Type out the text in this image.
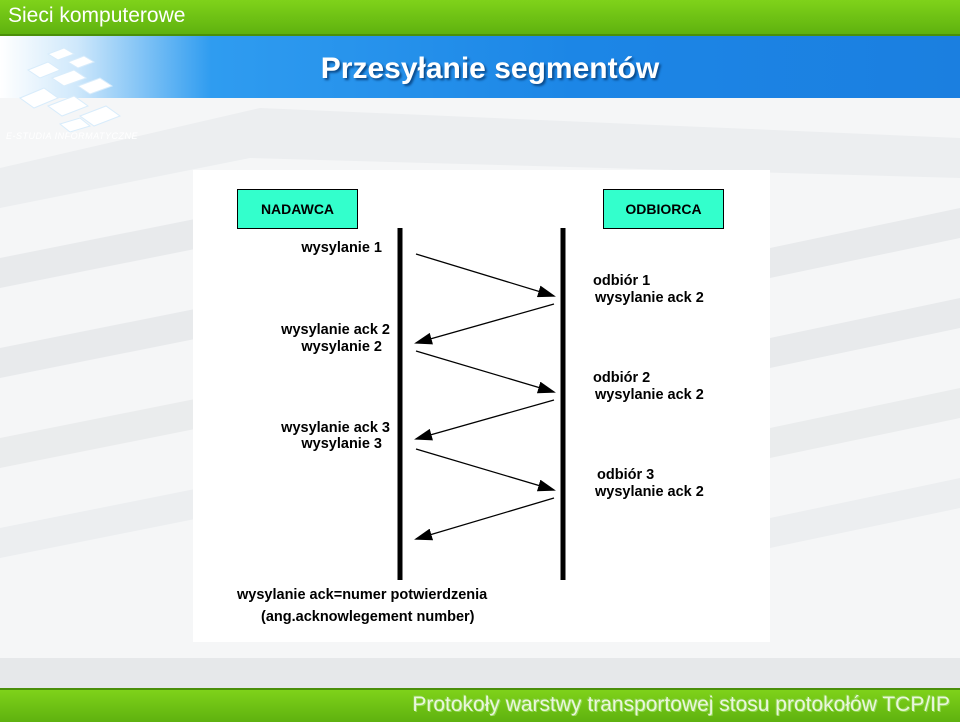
Sieci komputerowe
Przesyłanie segmentów
E-STUDIA INFORMATYCZNE
NADAWCA	ODBIORCA
wysylanie 1
wysylanie ack 2
wysylanie 2
wysylanie ack 3
wysylanie 3
odbiór 1
wysylanie ack 2
odbiór 2
wysylanie ack 2
odbiór 3
wysylanie ack 2
wysylanie ack=numer potwierdzenia
(ang.acknowlegement number)
Protokoły warstwy transportowej stosu protokołów TCP/IP
